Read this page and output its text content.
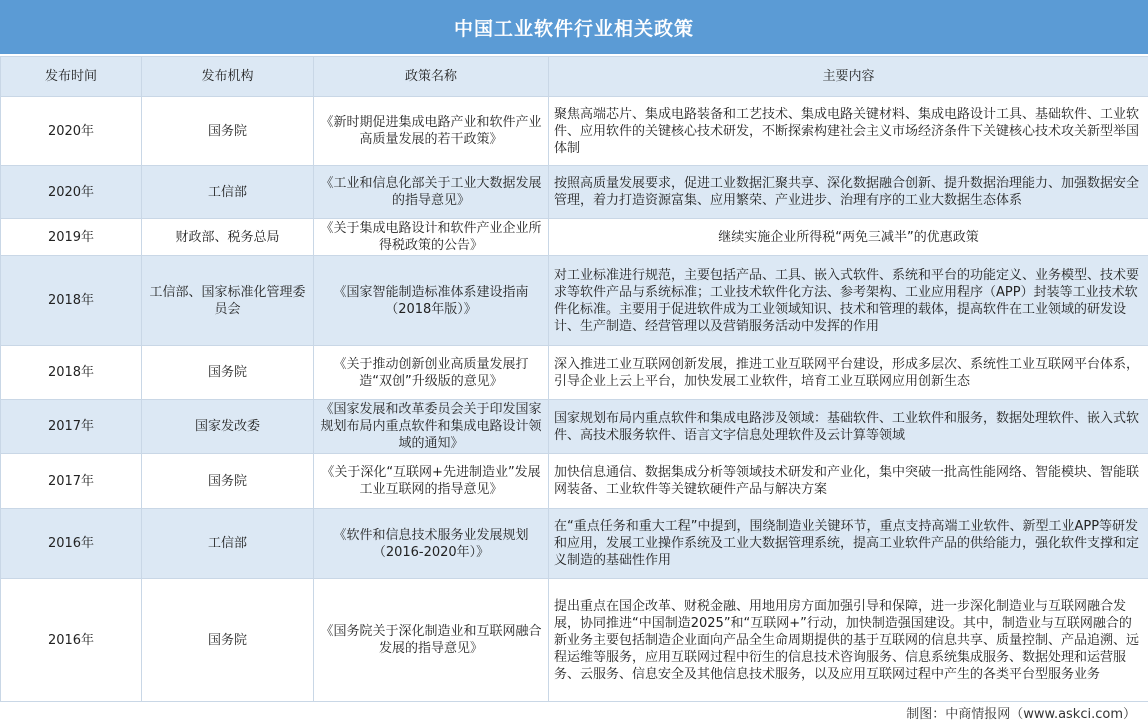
中国工业软件行业相关政策
发布时间	发布机构	政策名称	主要内容
2020年	国务院	《新时期促进集成电路产业和软件产业高质量发展的若干政策》	聚焦高端芯片、集成电路装备和工艺技术、集成电路关键材料、集成电路设计工具、基础软件、工业软件、应用软件的关键核心技术研发，不断探索构建社会主义市场经济条件下关键核心技术攻关新型举国体制
2020年	工信部	《工业和信息化部关于工业大数据发展的指导意见》	按照高质量发展要求，促进工业数据汇聚共享、深化数据融合创新、提升数据治理能力、加强数据安全管理，着力打造资源富集、应用繁荣、产业进步、治理有序的工业大数据生态体系
2019年	财政部、税务总局	《关于集成电路设计和软件产业企业所得税政策的公告》	继续实施企业所得税“两免三减半”的优惠政策
2018年	工信部、国家标准化管理委员会	《国家智能制造标准体系建设指南（2018年版）》	对工业标准进行规范，主要包括产品、工具、嵌入式软件、系统和平台的功能定义、业务模型、技术要求等软件产品与系统标准；工业技术软件化方法、参考架构、工业应用程序（APP）封装等工业技术软件化标准。主要用于促进软件成为工业领域知识、技术和管理的载体，提高软件在工业领域的研发设计、生产制造、经营管理以及营销服务活动中发挥的作用
2018年	国务院	《关于推动创新创业高质量发展打造“双创”升级版的意见》	深入推进工业互联网创新发展，推进工业互联网平台建设，形成多层次、系统性工业互联网平台体系，引导企业上云上平台，加快发展工业软件，培育工业互联网应用创新生态
2017年	国家发改委	《国家发展和改革委员会关于印发国家规划布局内重点软件和集成电路设计领域的通知》	国家规划布局内重点软件和集成电路涉及领域：基础软件、工业软件和服务，数据处理软件、嵌入式软件、高技术服务软件、语言文字信息处理软件及云计算等领域
2017年	国务院	《关于深化“互联网+先进制造业”发展工业互联网的指导意见》	加快信息通信、数据集成分析等领域技术研发和产业化，集中突破一批高性能网络、智能模块、智能联网装备、工业软件等关键软硬件产品与解决方案
2016年	工信部	《软件和信息技术服务业发展规划（2016-2020年）》	在“重点任务和重大工程”中提到，围绕制造业关键环节，重点支持高端工业软件、新型工业APP等研发和应用，发展工业操作系统及工业大数据管理系统，提高工业软件产品的供给能力，强化软件支撑和定义制造的基础性作用
2016年	国务院	《国务院关于深化制造业和互联网融合发展的指导意见》	提出重点在国企改革、财税金融、用地用房方面加强引导和保障，进一步深化制造业与互联网融合发展，协同推进“中国制造2025”和“互联网+”行动，加快制造强国建设。其中，制造业与互联网融合的新业务主要包括制造企业面向产品全生命周期提供的基于互联网的信息共享、质量控制、产品追溯、远程运维等服务，应用互联网过程中衍生的信息技术咨询服务、信息系统集成服务、数据处理和运营服务、云服务、信息安全及其他信息技术服务，以及应用互联网过程中产生的各类平台型服务业务
制图：中商情报网（www.askci.com）
